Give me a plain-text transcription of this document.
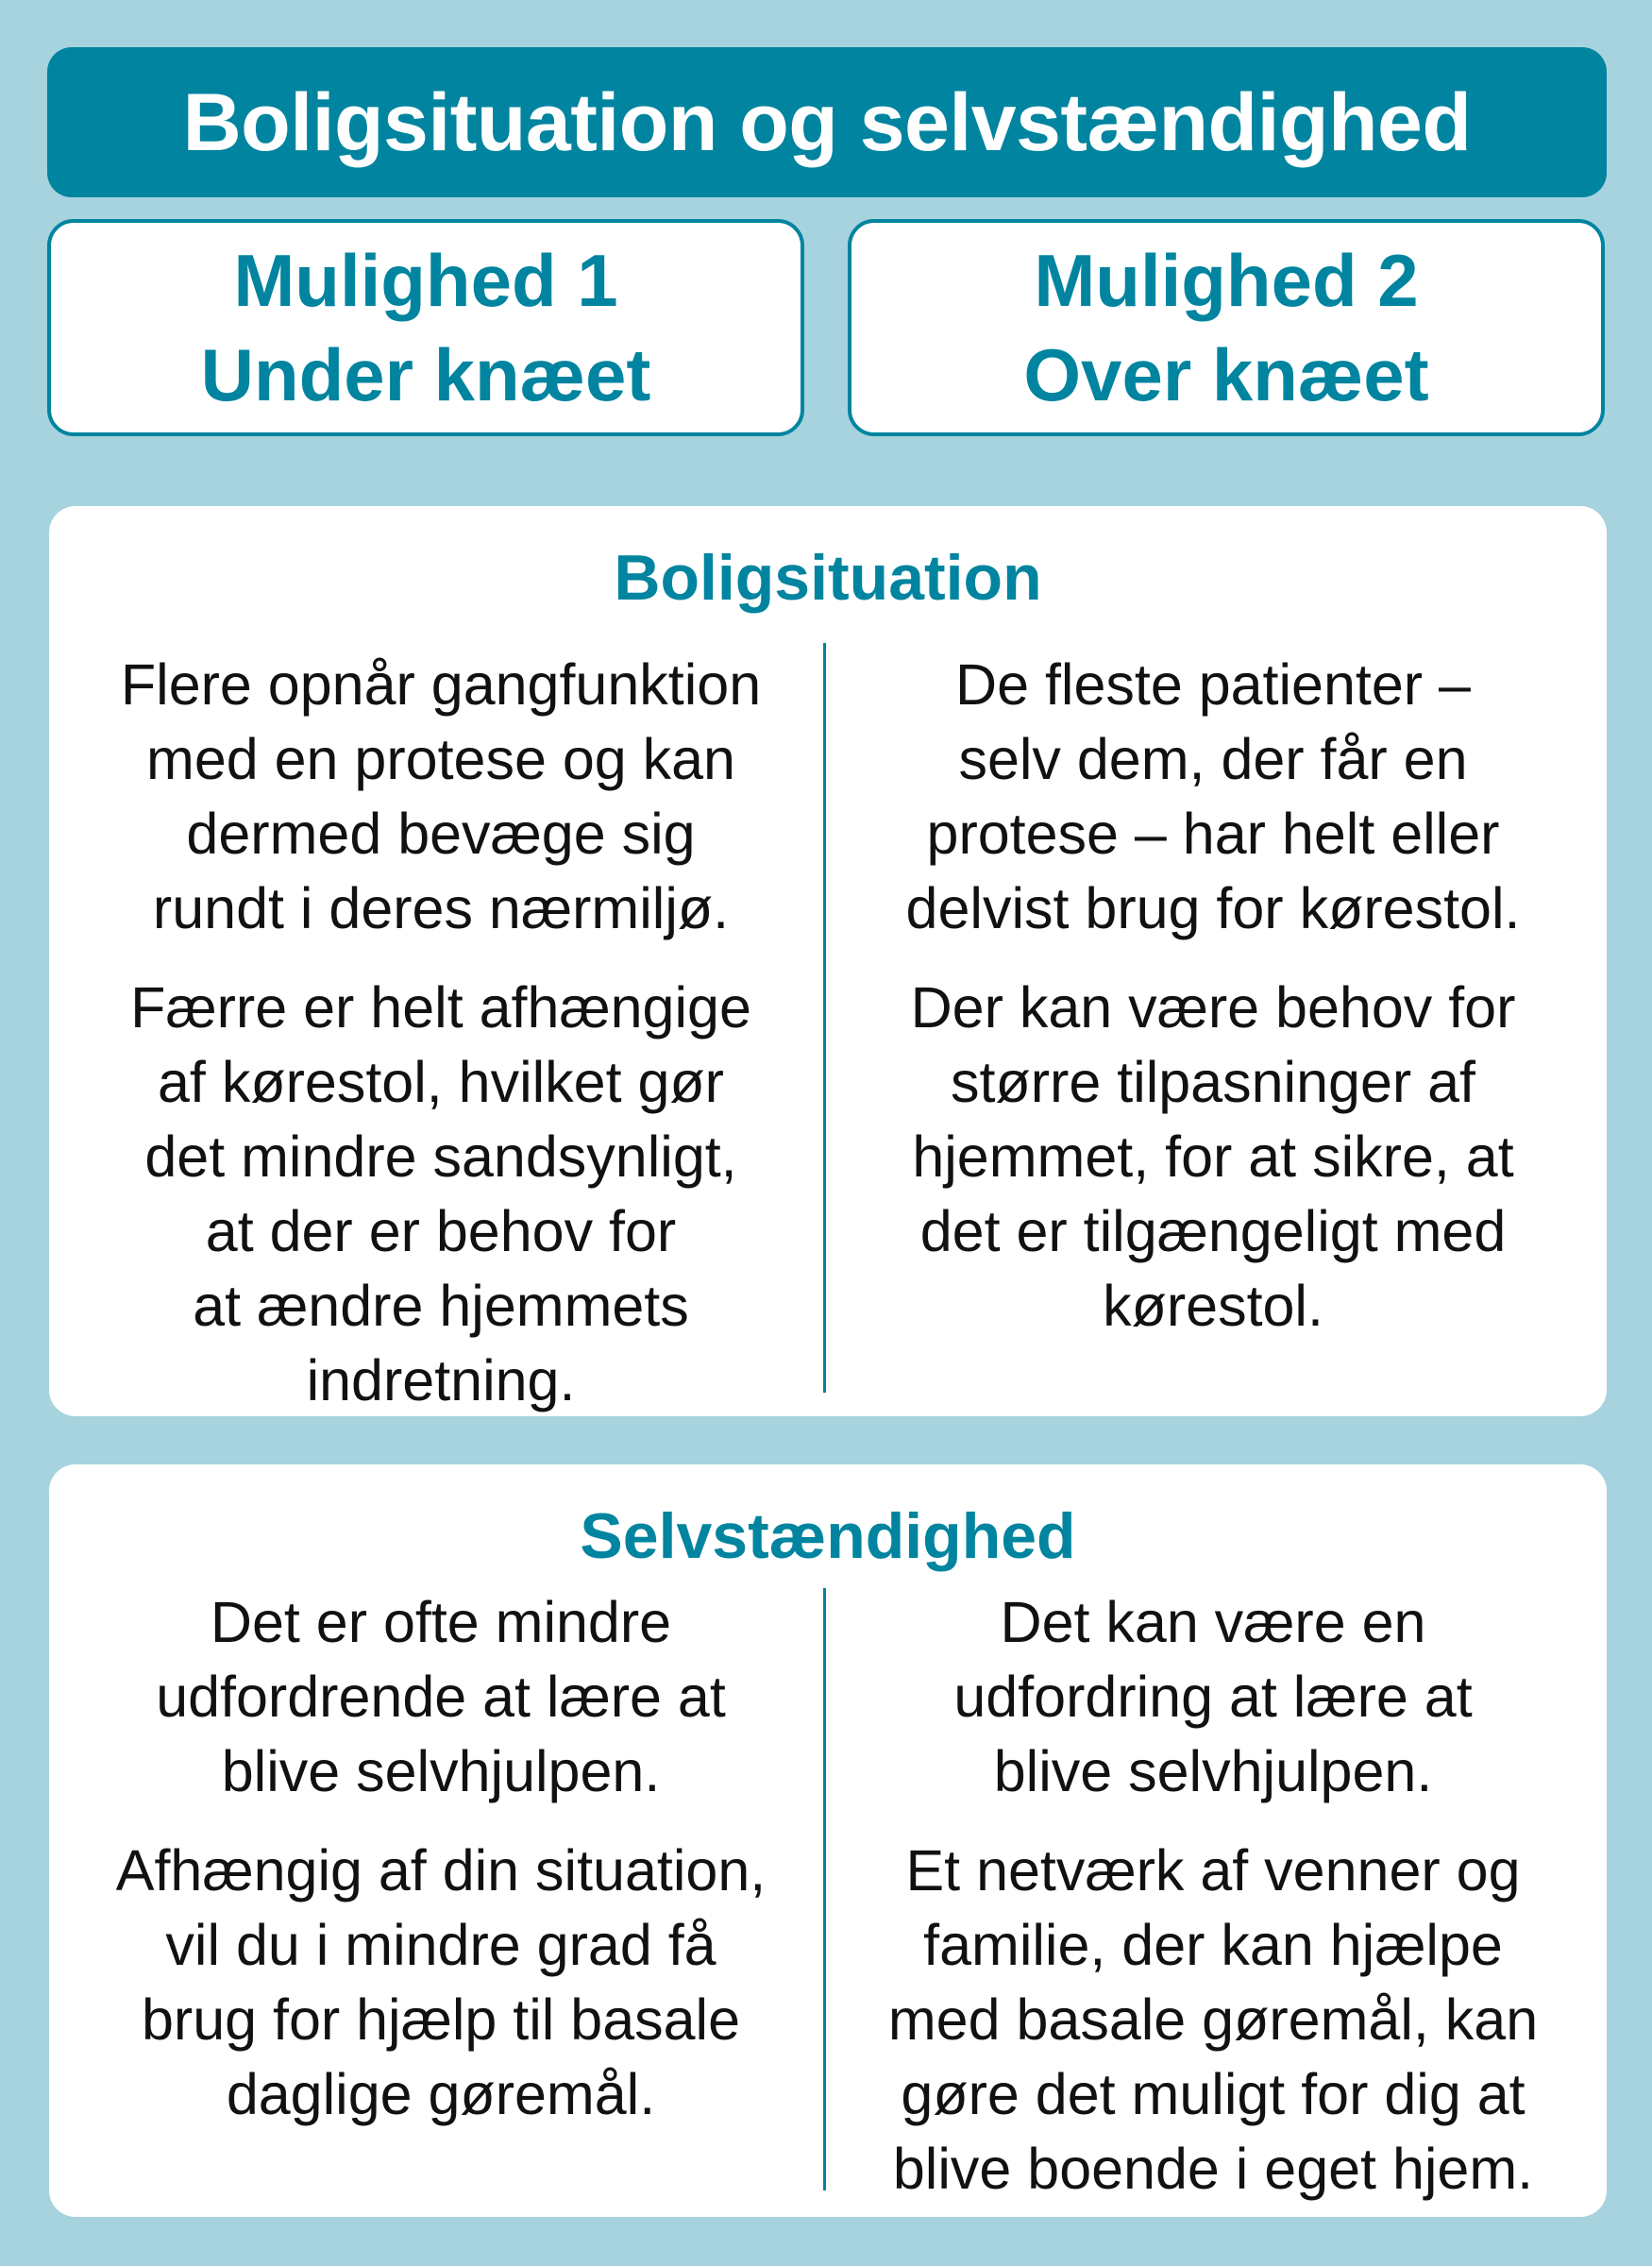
Boligsituation og selvstændighed
Mulighed 1
Under knæet
Mulighed 2
Over knæet
Boligsituation

Flere opnår gangfunktion
med en protese og kan
dermed bevæge sig
rundt i deres nærmiljø.

Færre er helt afhængige
af kørestol, hvilket gør
det mindre sandsynligt,
at der er behov for
at ændre hjemmets
indretning.

De fleste patienter –
selv dem, der får en
protese – har helt eller
delvist brug for kørestol.

Der kan være behov for
større tilpasninger af
hjemmet, for at sikre, at
det er tilgængeligt med
kørestol.

Selvstændighed

Det er ofte mindre
udfordrende at lære at
blive selvhjulpen.

Afhængig af din situation,
vil du i mindre grad få
brug for hjælp til basale
daglige gøremål.

Det kan være en
udfordring at lære at
blive selvhjulpen.

Et netværk af venner og
familie, der kan hjælpe
med basale gøremål, kan
gøre det muligt for dig at
blive boende i eget hjem.
